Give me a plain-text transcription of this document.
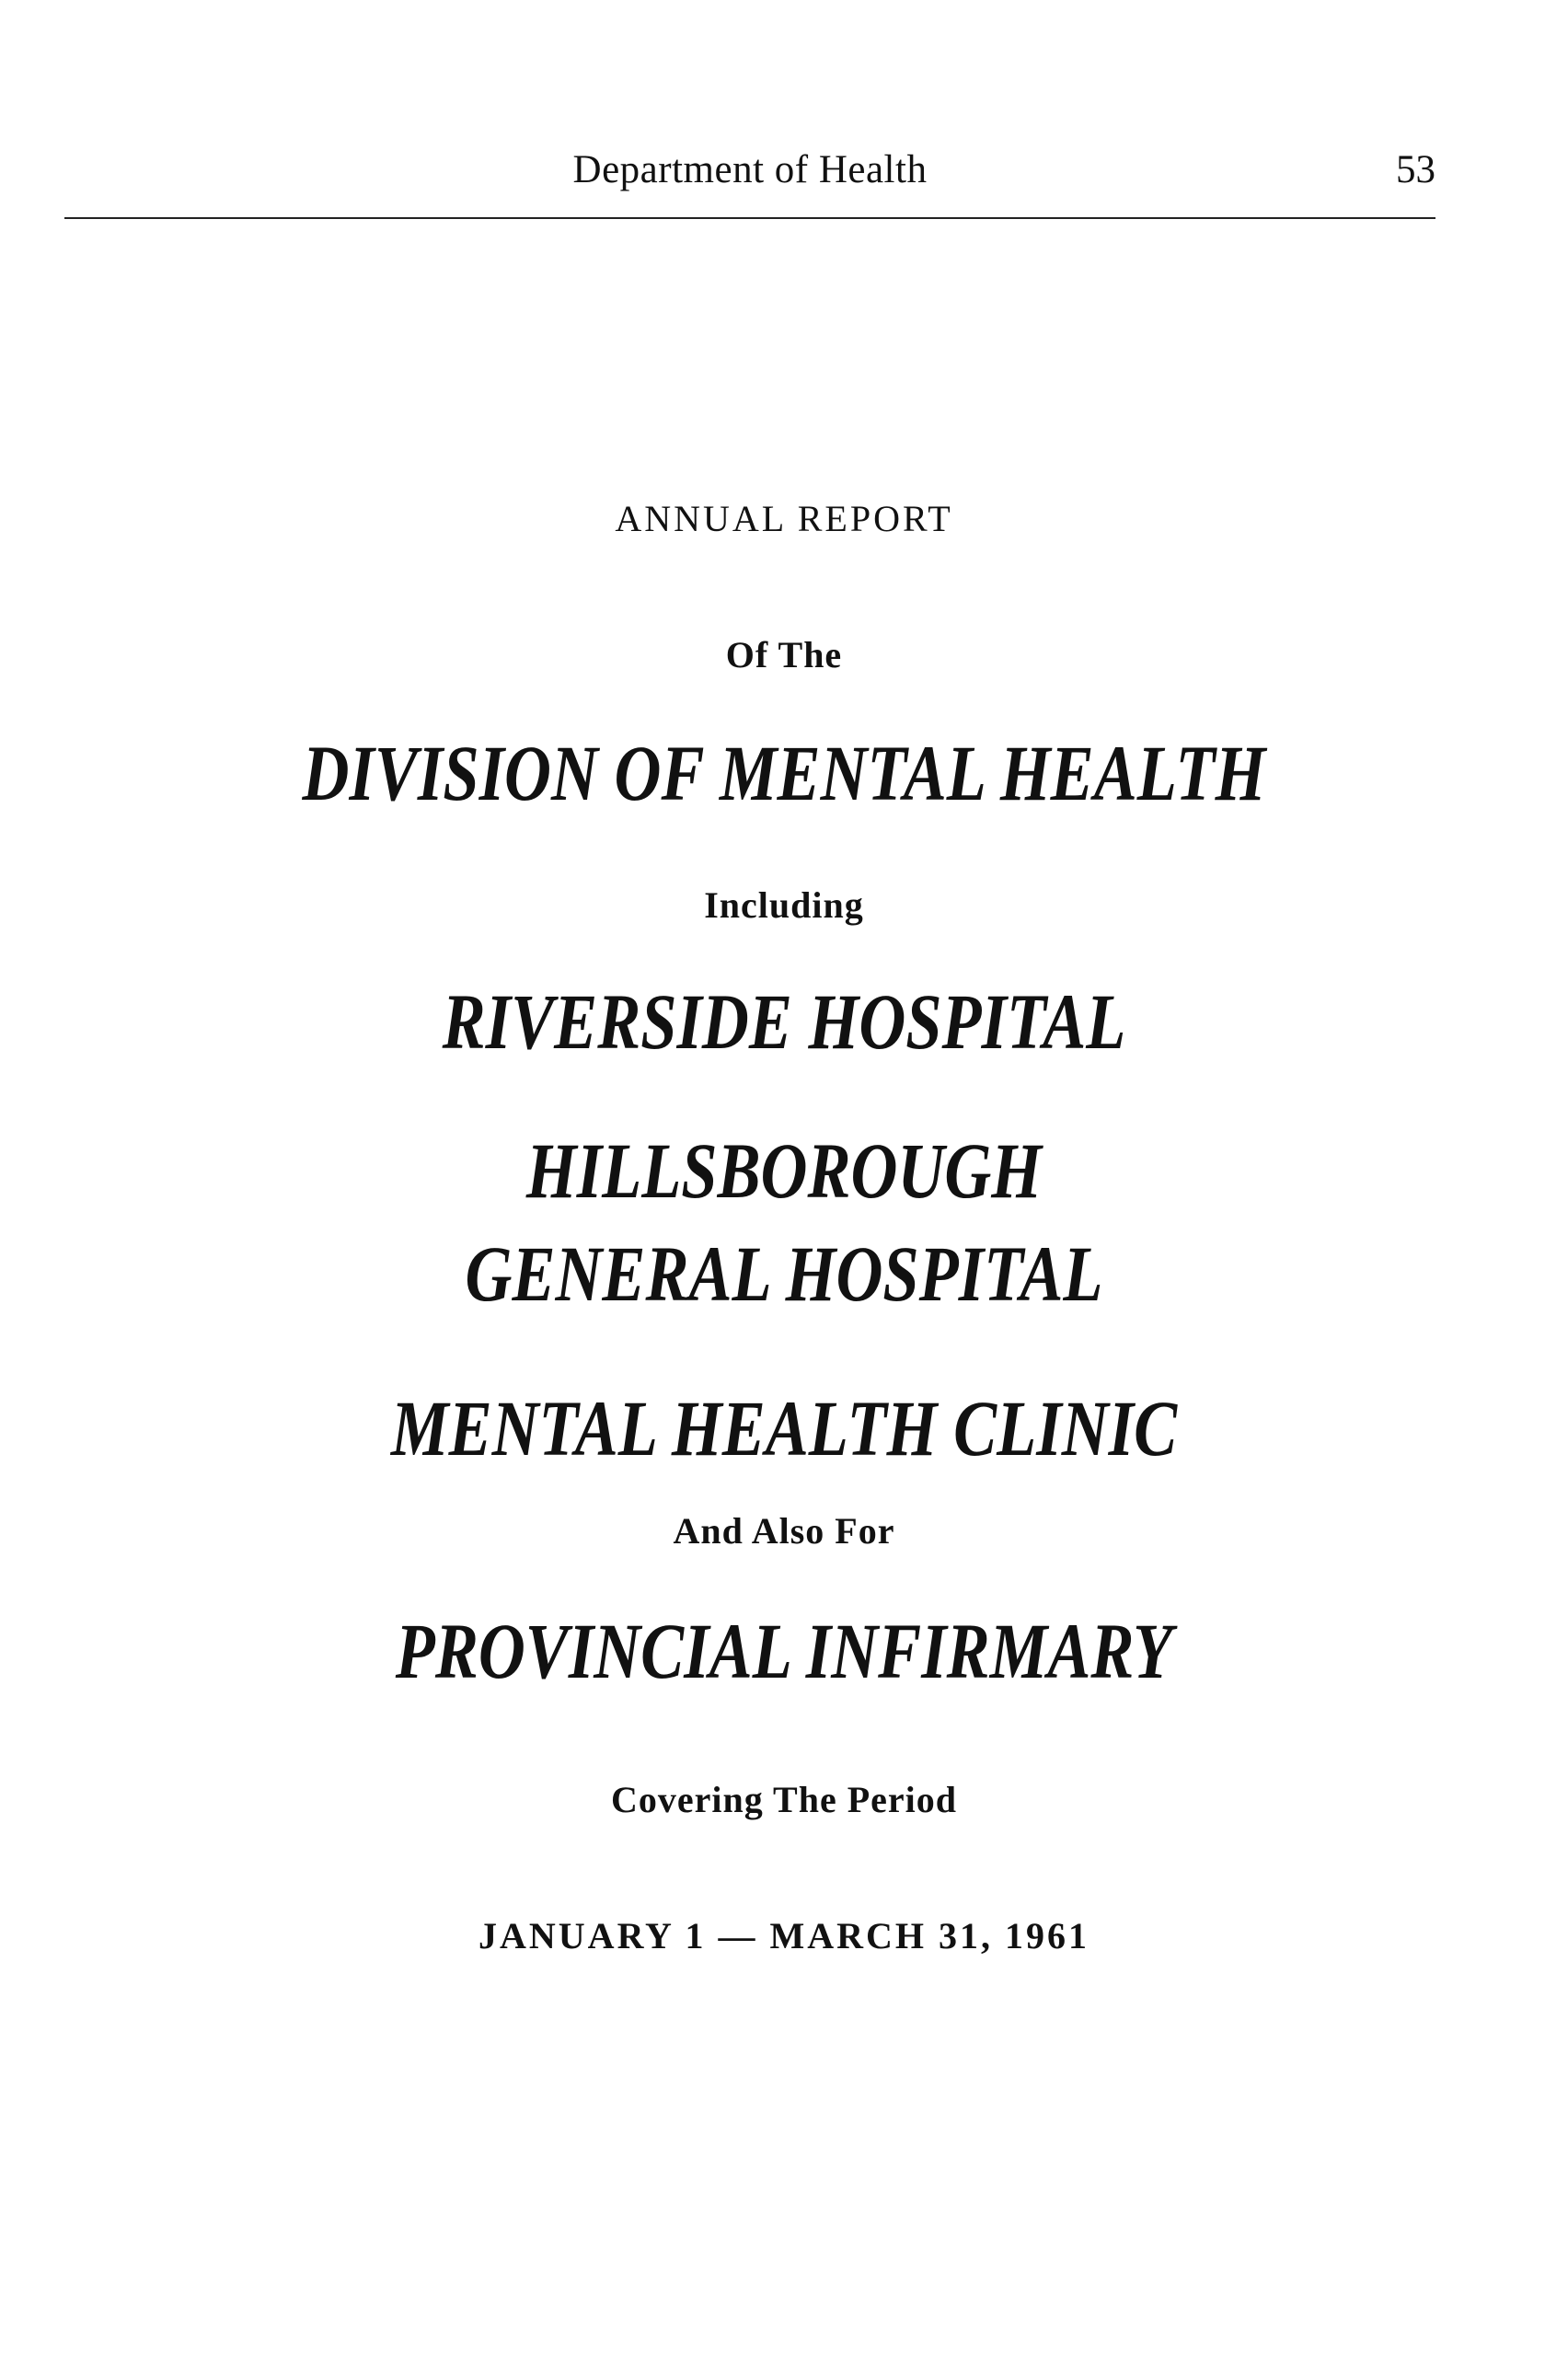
Department of Health	53
ANNUAL REPORT
Of The
DIVISION OF MENTAL HEALTH
Including
RIVERSIDE HOSPITAL
HILLSBOROUGH
GENERAL HOSPITAL
MENTAL HEALTH CLINIC
And Also For
PROVINCIAL INFIRMARY
Covering The Period
JANUARY 1 — MARCH 31, 1961
